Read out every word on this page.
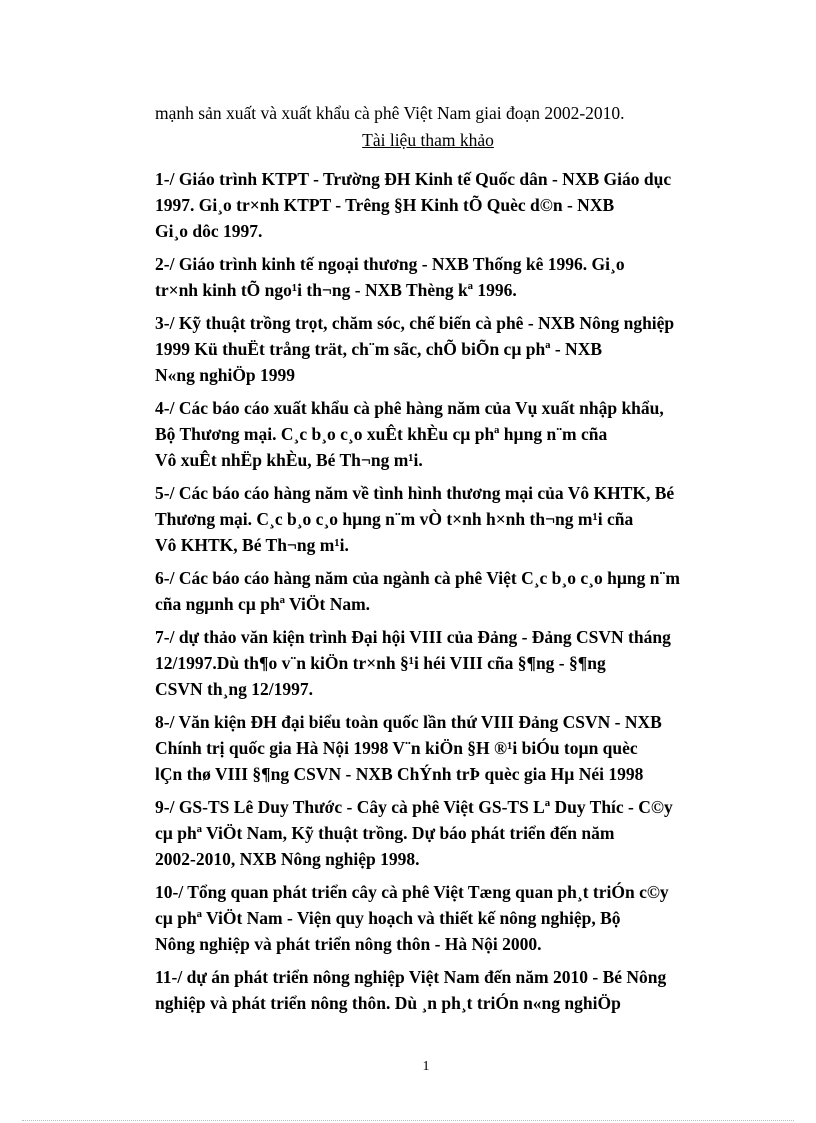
mạnh sản xuất và xuất khẩu cà phê Việt Nam giai đoạn 2002-2010.
Tài liệu tham khảo
1-/ Giáo trình KTPT - Trường ĐH Kinh tế Quốc dân - NXB Giáo dục
1997. Gi¸o tr×nh KTPT - Trêng §H Kinh tÕ Quèc d©n - NXB
Gi¸o dôc 1997.
2-/ Giáo trình kinh tế ngoại thương - NXB Thống kê 1996. Gi¸o
tr×nh kinh tÕ ngo¹i th¬ng - NXB Thèng kª 1996.
3-/ Kỹ thuật trồng trọt, chăm sóc, chế biến cà phê - NXB Nông nghiệp
1999 Kü thuËt trång trät, ch¨m sãc, chÕ biÕn cµ phª - NXB
N«ng nghiÖp 1999
4-/ Các báo cáo xuất khẩu cà phê hàng năm của Vụ xuất nhập khẩu,
Bộ Thương mại. C¸c b¸o c¸o xuÊt khÈu cµ phª hµng n¨m cña
Vô xuÊt nhËp khÈu, Bé Th¬ng m¹i.
5-/ Các báo cáo hàng năm về tình hình thương mại của Vô KHTK, Bé
Thương mại. C¸c b¸o c¸o hµng n¨m vÒ t×nh h×nh th¬ng m¹i cña
Vô KHTK, Bé Th¬ng m¹i.
6-/ Các báo cáo hàng năm của ngành cà phê Việt C¸c b¸o c¸o hµng n¨m
cña ngµnh cµ phª ViÖt Nam.
7-/ dự thảo văn kiện trình Đại hội VIII của Đảng - Đảng CSVN tháng
12/1997.Dù th¶o v¨n kiÖn tr×nh §¹i héi VIII cña §¶ng - §¶ng
CSVN th¸ng 12/1997.
8-/ Văn kiện ĐH đại biểu toàn quốc lần thứ VIII Đảng CSVN - NXB
Chính trị quốc gia Hà Nội 1998 V¨n kiÖn §H ®¹i biÓu toµn quèc
lÇn thø VIII §¶ng CSVN - NXB ChÝnh trÞ quèc gia Hµ Néi 1998
9-/ GS-TS Lê Duy Thước - Cây cà phê Việt GS-TS Lª Duy Thíc - C©y
cµ phª ViÖt Nam, Kỹ thuật trồng. Dự báo phát triển đến năm
2002-2010, NXB Nông nghiệp 1998.
10-/ Tổng quan phát triển cây cà phê Việt Tæng quan ph¸t triÓn c©y
cµ phª ViÖt Nam - Viện quy hoạch và thiết kế nông nghiệp, Bộ
Nông nghiệp và phát triển nông thôn - Hà Nội 2000.
11-/ dự án phát triển nông nghiệp Việt Nam đến năm 2010 - Bé Nông
nghiệp và phát triển nông thôn. Dù ¸n ph¸t triÓn n«ng nghiÖp
1
